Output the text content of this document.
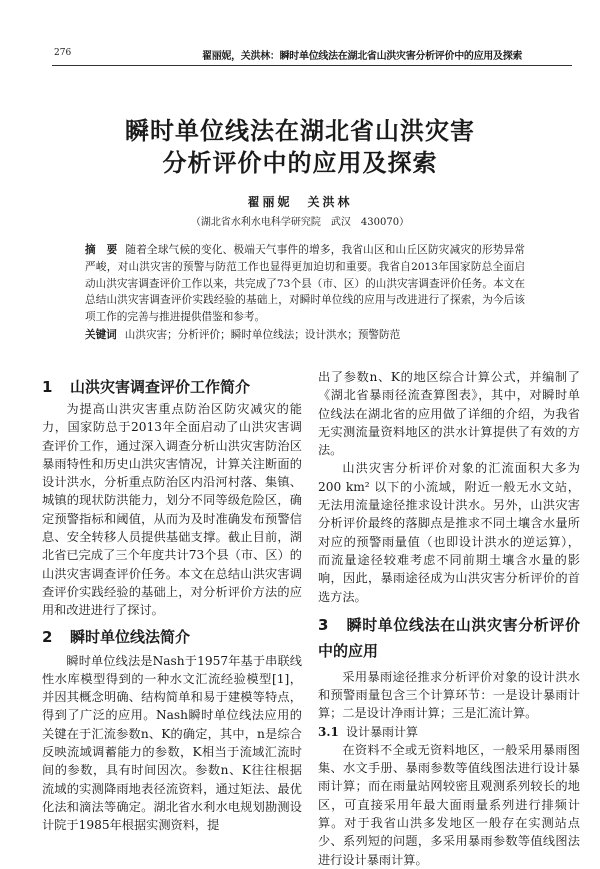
276	翟丽妮，关洪林：瞬时单位线法在湖北省山洪灾害分析评价中的应用及探索
瞬时单位线法在湖北省山洪灾害
分析评价中的应用及探索
翟丽妮　关洪林
（湖北省水利水电科学研究院　武汉　430070）
摘　要 随着全球气候的变化、极端天气事件的增多，我省山区和山丘区防灾减灾的形势异常严峻，对山洪灾害的预警与防范工作也显得更加迫切和重要。我省自2013年国家防总全面启动山洪灾害调查评价工作以来，共完成了73个县（市、区）的山洪灾害调查评价任务。本文在总结山洪灾害调查评价实践经验的基础上，对瞬时单位线的应用与改进进行了探索，为今后该项工作的完善与推进提供借鉴和参考。
关键词 山洪灾害；分析评价；瞬时单位线法；设计洪水；预警防范
1 山洪灾害调查评价工作简介

为提高山洪灾害重点防治区防灾减灾的能力，国家防总于2013年全面启动了山洪灾害调查评价工作，通过深入调查分析山洪灾害防治区暴雨特性和历史山洪灾害情况，计算关注断面的设计洪水，分析重点防治区内沿河村落、集镇、城镇的现状防洪能力，划分不同等级危险区，确定预警指标和阈值，从而为及时准确发布预警信息、安全转移人员提供基础支撑。截止目前，湖北省已完成了三个年度共计73个县（市、区）的山洪灾害调查评价任务。本文在总结山洪灾害调查评价实践经验的基础上，对分析评价方法的应用和改进进行了探讨。

2 瞬时单位线法简介

瞬时单位线法是Nash于1957年基于串联线性水库模型得到的一种水文汇流经验模型[1]，并因其概念明确、结构简单和易于建模等特点，得到了广泛的应用。Nash瞬时单位线法应用的关键在于汇流参数n、K的确定，其中，n是综合反映流域调蓄能力的参数，K相当于流域汇流时间的参数，具有时间因次。参数n、K往往根据流域的实测降雨地表径流资料，通过矩法、最优化法和滴法等确定。湖北省水利水电规划勘测设计院于1985年根据实测资料，提

出了参数n、K的地区综合计算公式，并编制了《湖北省暴雨径流查算图表》，其中，对瞬时单位线法在湖北省的应用做了详细的介绍，为我省无实测流量资料地区的洪水计算提供了有效的方法。

山洪灾害分析评价对象的汇流面积大多为200 km² 以下的小流域，附近一般无水文站，无法用流量途径推求设计洪水。另外，山洪灾害分析评价最终的落脚点是推求不同土壤含水量所对应的预警雨量值（也即设计洪水的逆运算），而流量途径较难考虑不同前期土壤含水量的影响，因此，暴雨途径成为山洪灾害分析评价的首选方法。

3 瞬时单位线法在山洪灾害分析评价中的应用

采用暴雨途径推求分析评价对象的设计洪水和预警雨量包含三个计算环节：一是设计暴雨计算；二是设计净雨计算；三是汇流计算。

3.1 设计暴雨计算

在资料不全或无资料地区，一般采用暴雨图集、水文手册、暴雨参数等值线图法进行设计暴雨计算；而在雨量站网较密且观测系列较长的地区，可直接采用年最大面雨量系列进行排频计算。对于我省山洪多发地区一般存在实测站点少、系列短的问题，多采用暴雨参数等值线图法进行设计暴雨计算。
